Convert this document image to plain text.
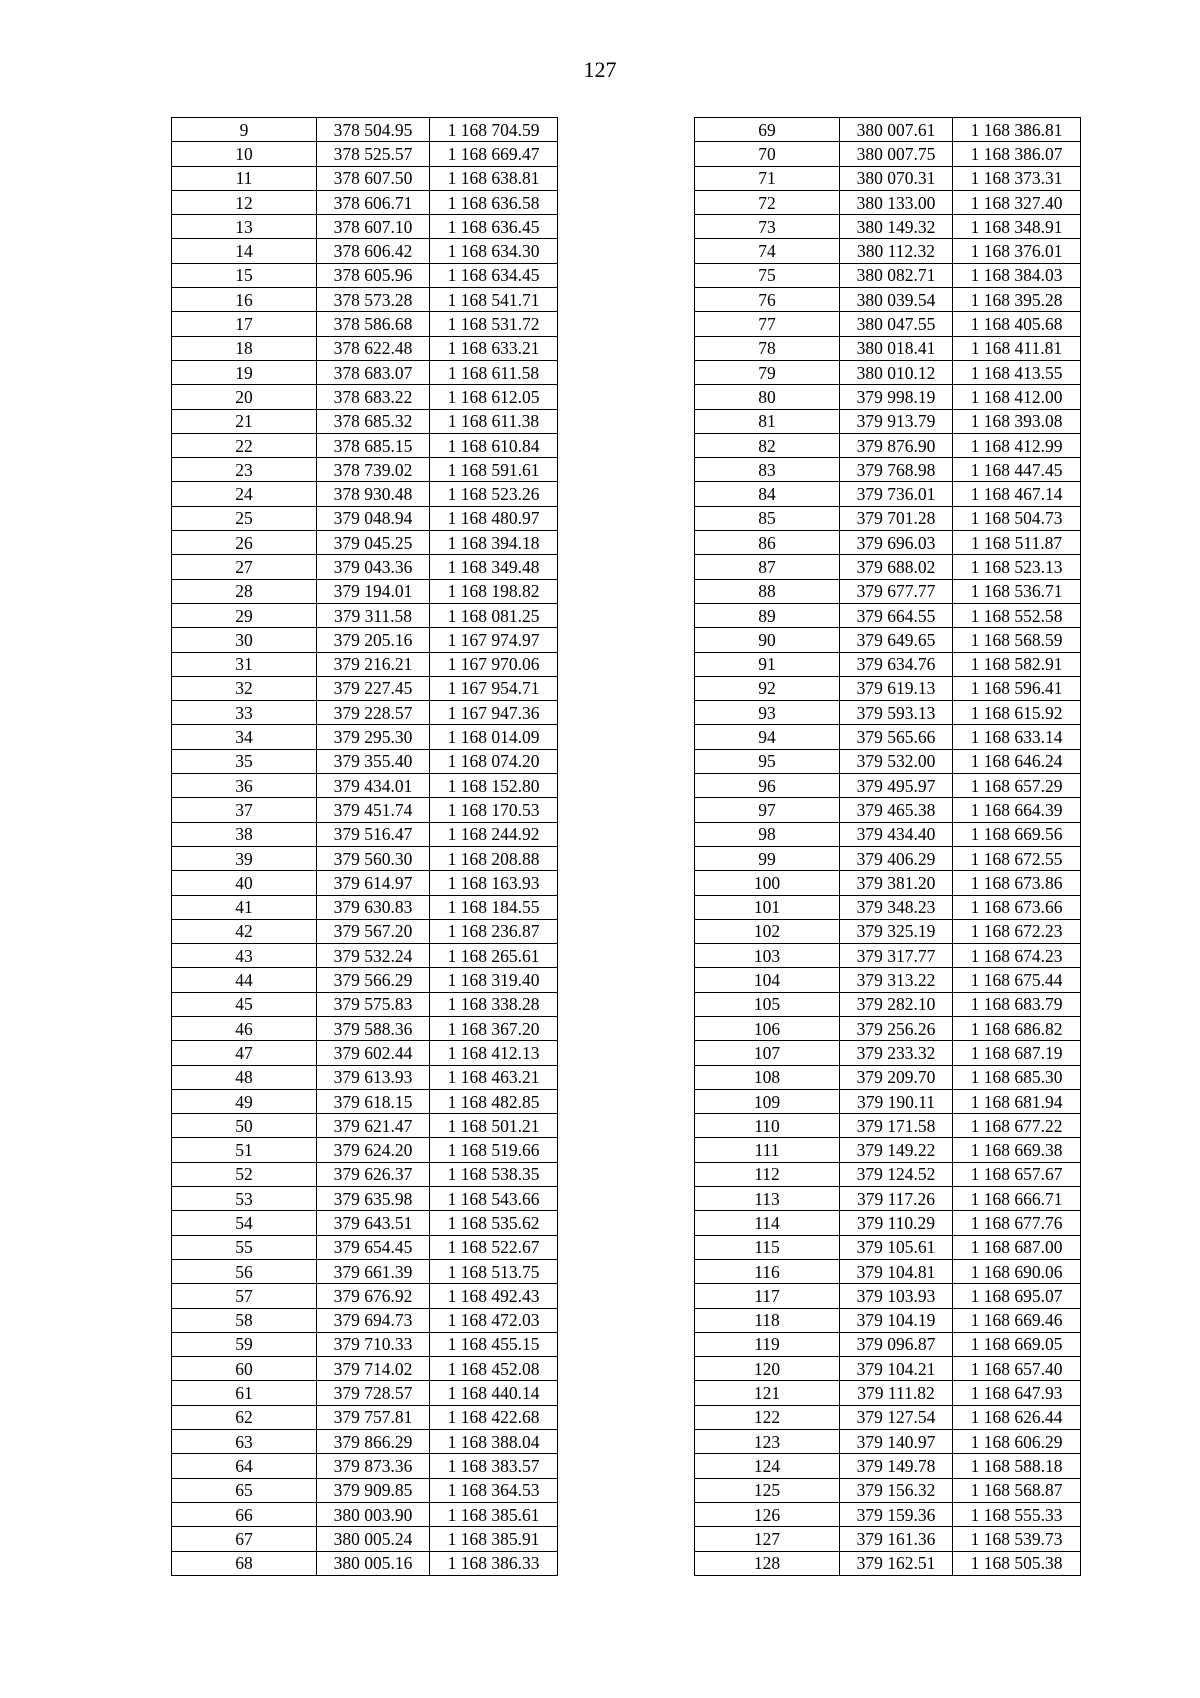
127
9	378 504.95	1 168 704.59
10	378 525.57	1 168 669.47
11	378 607.50	1 168 638.81
12	378 606.71	1 168 636.58
13	378 607.10	1 168 636.45
14	378 606.42	1 168 634.30
15	378 605.96	1 168 634.45
16	378 573.28	1 168 541.71
17	378 586.68	1 168 531.72
18	378 622.48	1 168 633.21
19	378 683.07	1 168 611.58
20	378 683.22	1 168 612.05
21	378 685.32	1 168 611.38
22	378 685.15	1 168 610.84
23	378 739.02	1 168 591.61
24	378 930.48	1 168 523.26
25	379 048.94	1 168 480.97
26	379 045.25	1 168 394.18
27	379 043.36	1 168 349.48
28	379 194.01	1 168 198.82
29	379 311.58	1 168 081.25
30	379 205.16	1 167 974.97
31	379 216.21	1 167 970.06
32	379 227.45	1 167 954.71
33	379 228.57	1 167 947.36
34	379 295.30	1 168 014.09
35	379 355.40	1 168 074.20
36	379 434.01	1 168 152.80
37	379 451.74	1 168 170.53
38	379 516.47	1 168 244.92
39	379 560.30	1 168 208.88
40	379 614.97	1 168 163.93
41	379 630.83	1 168 184.55
42	379 567.20	1 168 236.87
43	379 532.24	1 168 265.61
44	379 566.29	1 168 319.40
45	379 575.83	1 168 338.28
46	379 588.36	1 168 367.20
47	379 602.44	1 168 412.13
48	379 613.93	1 168 463.21
49	379 618.15	1 168 482.85
50	379 621.47	1 168 501.21
51	379 624.20	1 168 519.66
52	379 626.37	1 168 538.35
53	379 635.98	1 168 543.66
54	379 643.51	1 168 535.62
55	379 654.45	1 168 522.67
56	379 661.39	1 168 513.75
57	379 676.92	1 168 492.43
58	379 694.73	1 168 472.03
59	379 710.33	1 168 455.15
60	379 714.02	1 168 452.08
61	379 728.57	1 168 440.14
62	379 757.81	1 168 422.68
63	379 866.29	1 168 388.04
64	379 873.36	1 168 383.57
65	379 909.85	1 168 364.53
66	380 003.90	1 168 385.61
67	380 005.24	1 168 385.91
68	380 005.16	1 168 386.33
69	380 007.61	1 168 386.81
70	380 007.75	1 168 386.07
71	380 070.31	1 168 373.31
72	380 133.00	1 168 327.40
73	380 149.32	1 168 348.91
74	380 112.32	1 168 376.01
75	380 082.71	1 168 384.03
76	380 039.54	1 168 395.28
77	380 047.55	1 168 405.68
78	380 018.41	1 168 411.81
79	380 010.12	1 168 413.55
80	379 998.19	1 168 412.00
81	379 913.79	1 168 393.08
82	379 876.90	1 168 412.99
83	379 768.98	1 168 447.45
84	379 736.01	1 168 467.14
85	379 701.28	1 168 504.73
86	379 696.03	1 168 511.87
87	379 688.02	1 168 523.13
88	379 677.77	1 168 536.71
89	379 664.55	1 168 552.58
90	379 649.65	1 168 568.59
91	379 634.76	1 168 582.91
92	379 619.13	1 168 596.41
93	379 593.13	1 168 615.92
94	379 565.66	1 168 633.14
95	379 532.00	1 168 646.24
96	379 495.97	1 168 657.29
97	379 465.38	1 168 664.39
98	379 434.40	1 168 669.56
99	379 406.29	1 168 672.55
100	379 381.20	1 168 673.86
101	379 348.23	1 168 673.66
102	379 325.19	1 168 672.23
103	379 317.77	1 168 674.23
104	379 313.22	1 168 675.44
105	379 282.10	1 168 683.79
106	379 256.26	1 168 686.82
107	379 233.32	1 168 687.19
108	379 209.70	1 168 685.30
109	379 190.11	1 168 681.94
110	379 171.58	1 168 677.22
111	379 149.22	1 168 669.38
112	379 124.52	1 168 657.67
113	379 117.26	1 168 666.71
114	379 110.29	1 168 677.76
115	379 105.61	1 168 687.00
116	379 104.81	1 168 690.06
117	379 103.93	1 168 695.07
118	379 104.19	1 168 669.46
119	379 096.87	1 168 669.05
120	379 104.21	1 168 657.40
121	379 111.82	1 168 647.93
122	379 127.54	1 168 626.44
123	379 140.97	1 168 606.29
124	379 149.78	1 168 588.18
125	379 156.32	1 168 568.87
126	379 159.36	1 168 555.33
127	379 161.36	1 168 539.73
128	379 162.51	1 168 505.38
